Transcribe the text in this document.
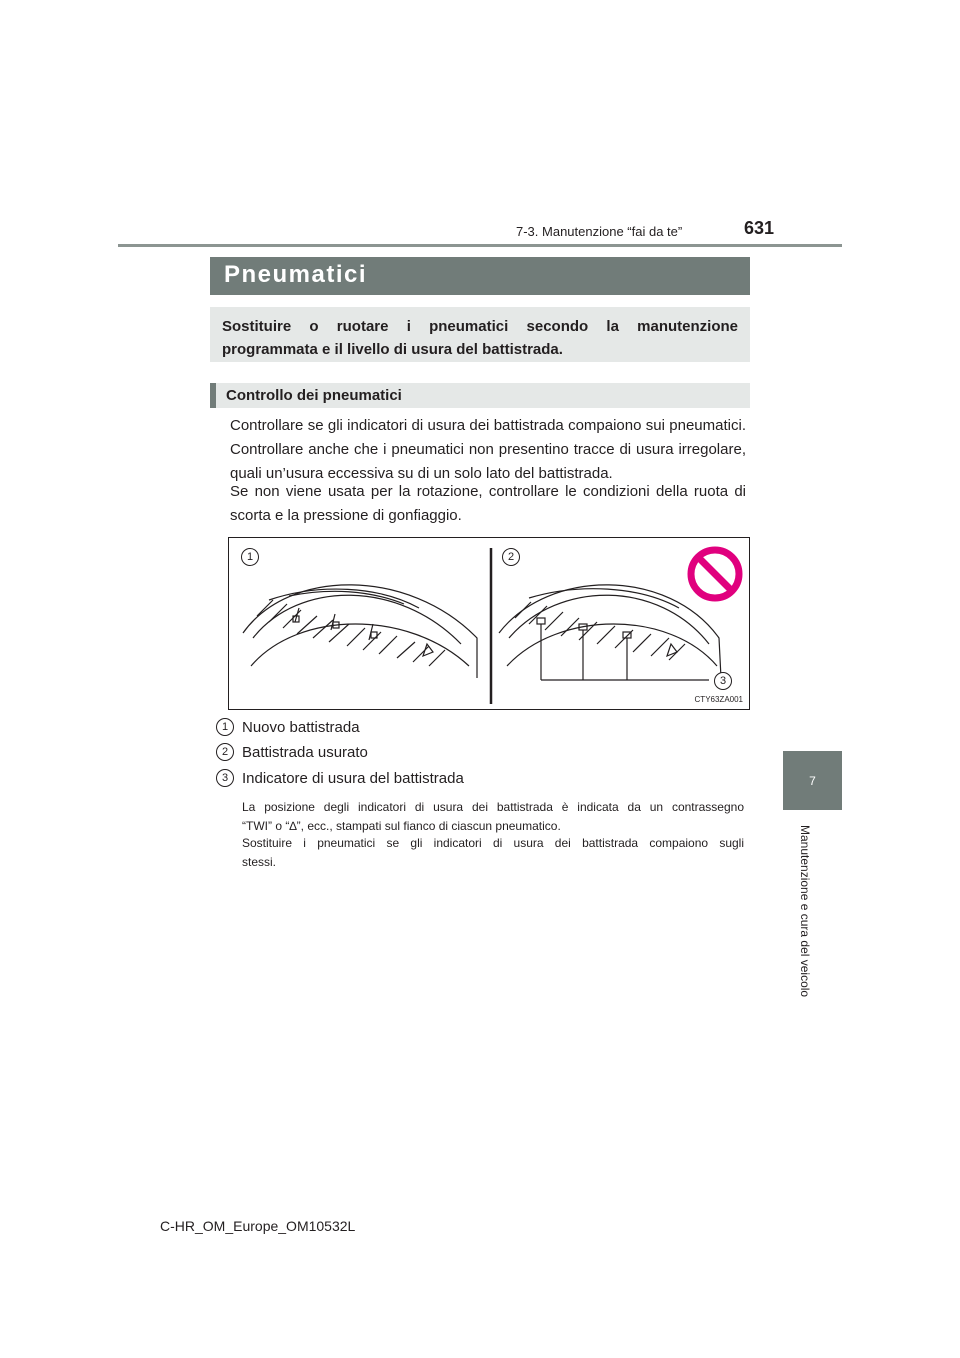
7-3. Manutenzione “fai da te”	631
Pneumatici
Sostituire o ruotare i pneumatici secondo la manutenzione
programmata e il livello di usura del battistrada.
Controllo dei pneumatici
Controllare se gli indicatori di usura dei battistrada compaiono sui pneumatici.
Controllare anche che i pneumatici non presentino tracce di usura irregolare,
quali un’usura eccessiva su di un solo lato del battistrada.
Se non viene usata per la rotazione, controllare le condizioni della ruota di
scorta e la pressione di gonfiaggio.
1	2
3
CTY63ZA001
1 Nuovo battistrada
2 Battistrada usurato
3 Indicatore di usura del battistrada
La posizione degli indicatori di usura dei battistrada è indicata da un contrassegno
“TWI” o “∆”, ecc., stampati sul fianco di ciascun pneumatico.
Sostituire i pneumatici se gli indicatori di usura dei battistrada compaiono sugli
stessi.
7
Manutenzione e cura del veicolo
C-HR_OM_Europe_OM10532L
